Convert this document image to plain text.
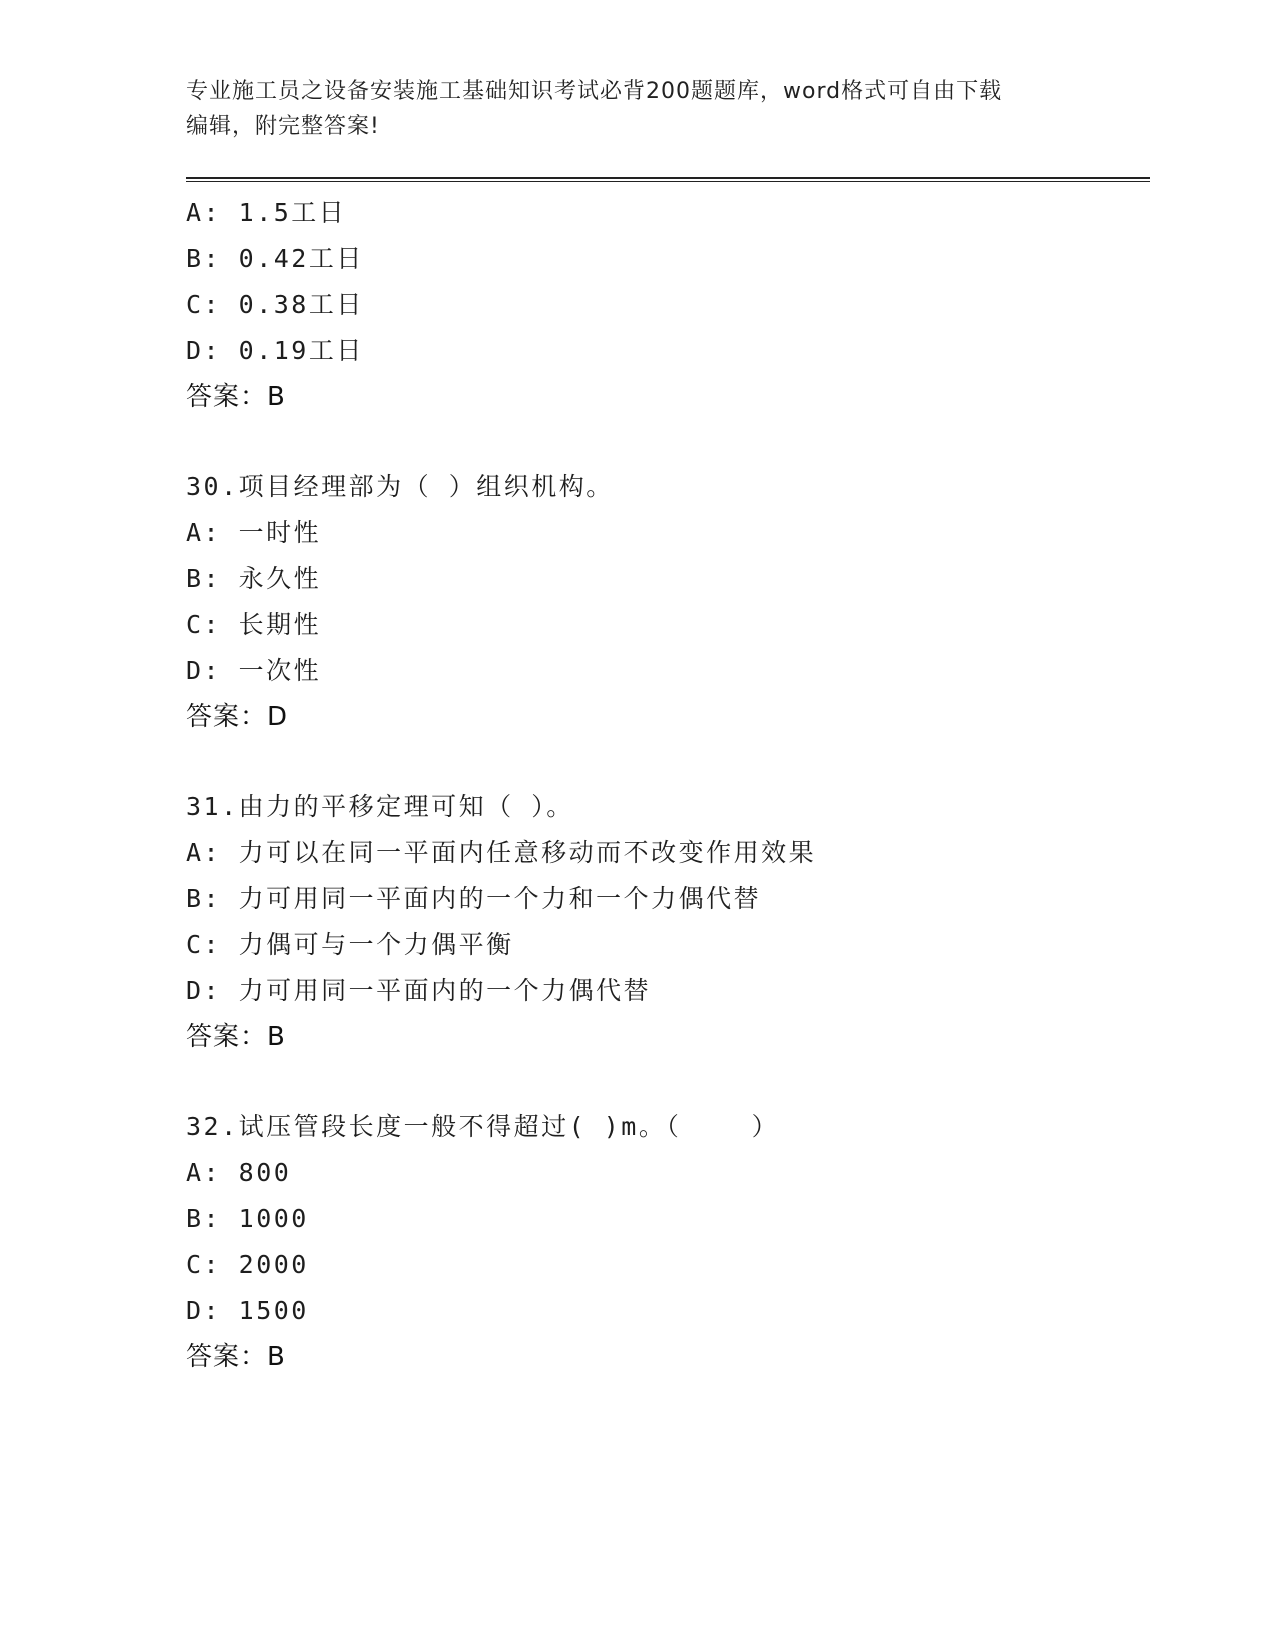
专业施工员之设备安装施工基础知识考试必背200题题库，word格式可自由下载
编辑，附完整答案!
A: 1.5工日
B: 0.42工日
C: 0.38工日
D: 0.19工日
答案：B
30.项目经理部为（ ）组织机构。
A: 一时性
B: 永久性
C: 长期性
D: 一次性
答案：D
31.由力的平移定理可知（ ）。
A: 力可以在同一平面内任意移动而不改变作用效果
B: 力可用同一平面内的一个力和一个力偶代替
C: 力偶可与一个力偶平衡
D: 力可用同一平面内的一个力偶代替
答案：B
32.试压管段长度一般不得超过( )m。（    ）
A: 800
B: 1000
C: 2000
D: 1500
答案：B
